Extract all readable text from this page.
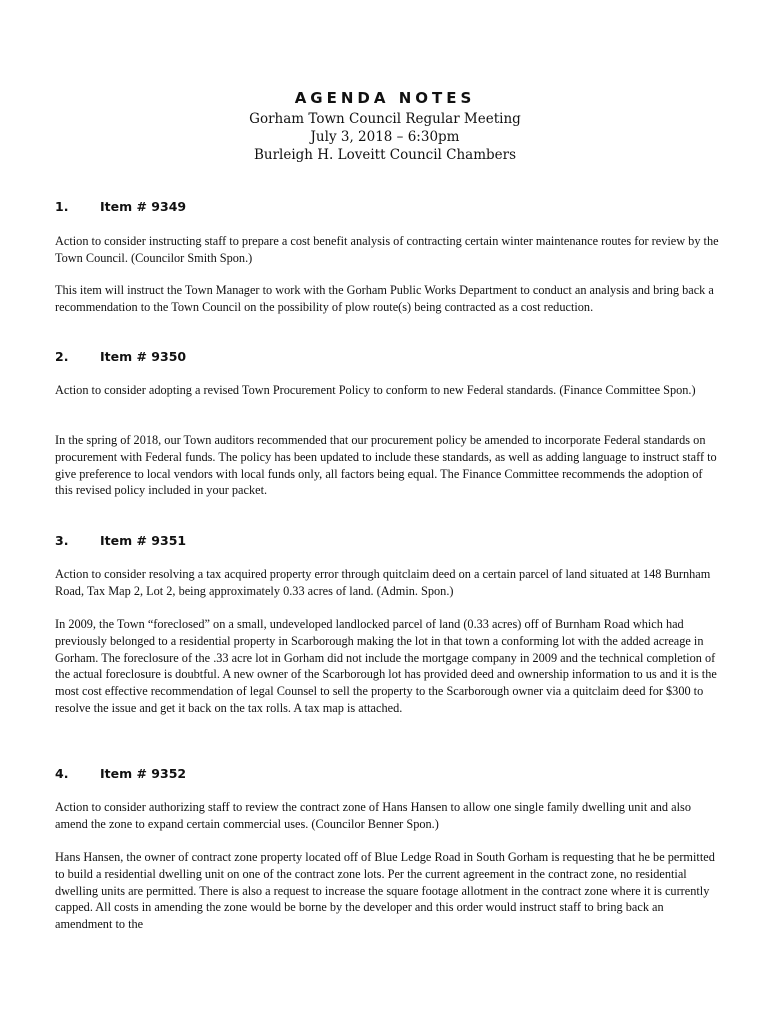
AGENDA NOTES
Gorham Town Council Regular Meeting
July 3, 2018 – 6:30pm
Burleigh H. Loveitt Council Chambers
1.	Item # 9349

Action to consider instructing staff to prepare a cost benefit analysis of contracting certain winter maintenance routes for review by the Town Council. (Councilor Smith Spon.)

This item will instruct the Town Manager to work with the Gorham Public Works Department to conduct an analysis and bring back a recommendation to the Town Council on the possibility of plow route(s) being contracted as a cost reduction.

2.	Item # 9350

Action to consider adopting a revised Town Procurement Policy to conform to new Federal standards. (Finance Committee Spon.)

In the spring of 2018, our Town auditors recommended that our procurement policy be amended to incorporate Federal standards on procurement with Federal funds. The policy has been updated to include these standards, as well as adding language to instruct staff to give preference to local vendors with local funds only, all factors being equal. The Finance Committee recommends the adoption of this revised policy included in your packet.

3.	Item # 9351

Action to consider resolving a tax acquired property error through quitclaim deed on a certain parcel of land situated at 148 Burnham Road, Tax Map 2, Lot 2, being approximately 0.33 acres of land. (Admin. Spon.)

In 2009, the Town “foreclosed” on a small, undeveloped landlocked parcel of land (0.33 acres) off of Burnham Road which had previously belonged to a residential property in Scarborough making the lot in that town a conforming lot with the added acreage in Gorham. The foreclosure of the .33 acre lot in Gorham did not include the mortgage company in 2009 and the technical completion of the actual foreclosure is doubtful. A new owner of the Scarborough lot has provided deed and ownership information to us and it is the most cost effective recommendation of legal Counsel to sell the property to the Scarborough owner via a quitclaim deed for $300 to resolve the issue and get it back on the tax rolls. A tax map is attached.

4.	Item # 9352

Action to consider authorizing staff to review the contract zone of Hans Hansen to allow one single family dwelling unit and also amend the zone to expand certain commercial uses. (Councilor Benner Spon.)

Hans Hansen, the owner of contract zone property located off of Blue Ledge Road in South Gorham is requesting that he be permitted to build a residential dwelling unit on one of the contract zone lots. Per the current agreement in the contract zone, no residential dwelling units are permitted. There is also a request to increase the square footage allotment in the contract zone where it is currently capped. All costs in amending the zone would be borne by the developer and this order would instruct staff to bring back an amendment to the
